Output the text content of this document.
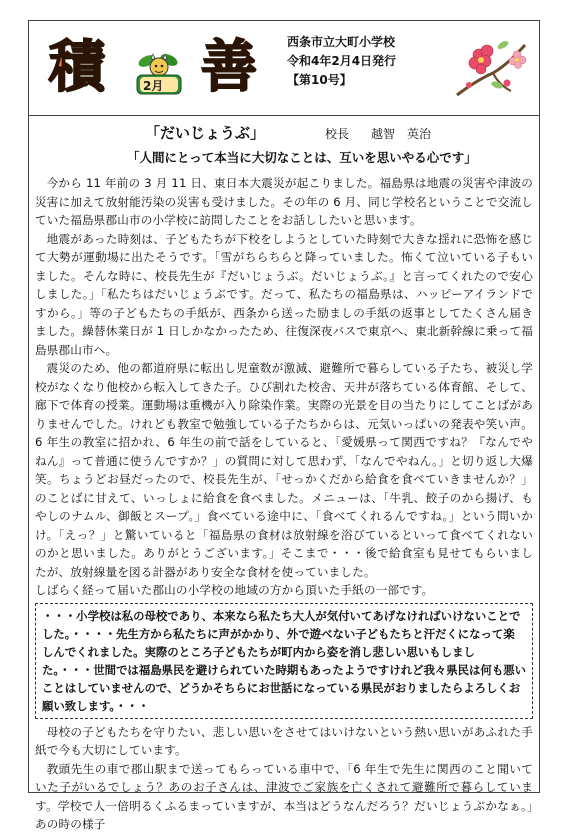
積	2月 善	西条市立大町小学校
令和4年2月4日発行
【第10号】
「だいじょうぶ」	校長 越智　英治
「人間にとって本当に大切なことは、互いを思いやる心です」

今から 11 年前の 3 月 11 日、東日本大震災が起こりました。福島県は地震の災害や津波の災害に加えて放射能汚染の災害も受けました。その年の 6 月、同じ学校名ということで交流していた福島県郡山市の小学校に訪問したことをお話ししたいと思います。

地震があった時刻は、子どもたちが下校をしようとしていた時刻で大きな揺れに恐怖を感じて大勢が運動場に出たそうです。「雪がちらちらと降っていました。怖くて泣いている子もいました。そんな時に、校長先生が『だいじょうぶ。だいじょうぶ。』と言ってくれたので安心しました。」「私たちはだいじょうぶです。だって、私たちの福島県は、ハッピーアイランドですから。」等の子どもたちの手紙が、西条から送った励ましの手紙の返事としてたくさん届きました。繰替休業日が 1 日しかなかったため、往復深夜バスで東京へ、東北新幹線に乗って福島県郡山市へ。

震災のため、他の都道府県に転出し児童数が激減、避難所で暮らしている子たち、被災し学校がなくなり他校から転入してきた子。ひび割れた校舎、天井が落ちている体育館、そして、廊下で体育の授業。運動場は重機が入り除染作業。実際の光景を目の当たりにしてことばがありませんでした。けれども教室で勉強している子たちからは、元気いっぱいの発表や笑い声。6 年生の教室に招かれ、6 年生の前で話をしていると、「愛媛県って関西ですね？『なんでやねん』って普通に使うんですか？」の質問に対して思わず、「なんでやねん。」と切り返し大爆笑。ちょうどお昼だったので、校長先生が、「せっかくだから給食を食べていきませんか？」のことばに甘えて、いっしょに給食を食べました。メニューは、「牛乳、餃子のから揚げ、もやしのナムル、御飯とスープ。」食べている途中に、「食べてくれるんですね。」という問いかけ。「えっ？」と驚いていると「福島県の食材は放射線を浴びているといって食べてくれないのかと思いました。ありがとうございます。」そこまで・・・後で給食室も見せてもらいましたが、放射線量を図る計器があり安全な食材を使っていました。

しばらく経って届いた郡山の小学校の地域の方から頂いた手紙の一部です。

・・・小学校は私の母校であり、本来なら私たち大人が気付いてあげなければいけないことでした。・・・・先生方から私たちに声がかかり、外で遊べない子どもたちと汗だくになって楽しんでくれました。実際のところ子どもたちが町内から姿を消し悲しい思いもしました。・・・世間では福島県民を避けられていた時期もあったようですけれど我々県民は何も悪いことはしていませんので、どうかそちらにお世話になっている県民がおりましたらよろしくお願い致します。・・・

母校の子どもたちを守りたい、悲しい思いをさせてはいけないという熱い思いがあふれた手紙で今も大切にしています。

教頭先生の車で郡山駅まで送ってもらっている車中で、「6 年生で先生に関西のこと聞いていた子がいるでしょう？あのお子さんは、津波でご家族を亡くされて避難所で暮らしています。学校で人一倍明るくふるまっていますが、本当はどうなんだろう？だいじょうぶかなぁ。」あの時の様子
